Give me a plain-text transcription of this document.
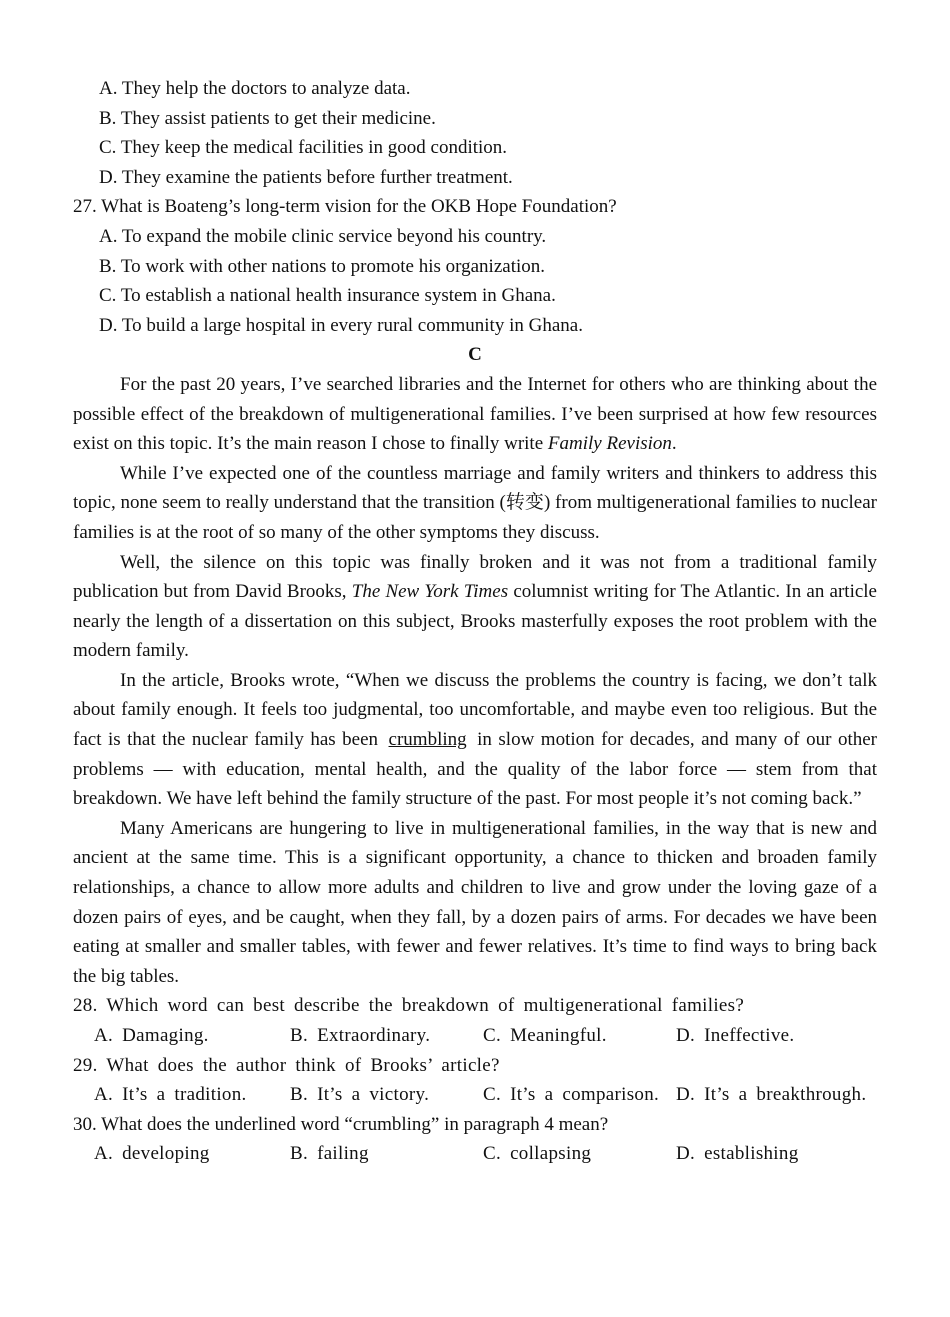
A. They help the doctors to analyze data.
B. They assist patients to get their medicine.
C. They keep the medical facilities in good condition.
D. They examine the patients before further treatment.
27. What is Boateng’s long-term vision for the OKB Hope Foundation?
A. To expand the mobile clinic service beyond his country.
B. To work with other nations to promote his organization.
C. To establish a national health insurance system in Ghana.
D. To build a large hospital in every rural community in Ghana.
C

For the past 20 years, I’ve searched libraries and the Internet for others who are thinking about the possible effect of the breakdown of multigenerational families. I’ve been surprised at how few resources exist on this topic. It’s the main reason I chose to finally write Family Revision.

While I’ve expected one of the countless marriage and family writers and thinkers to address this topic, none seem to really understand that the transition (转变) from multigenerational families to nuclear families is at the root of so many of the other symptoms they discuss.

Well, the silence on this topic was finally broken and it was not from a traditional family publication but from David Brooks, The New York Times columnist writing for The Atlantic. In an article nearly the length of a dissertation on this subject, Brooks masterfully exposes the root problem with the modern family.

In the article, Brooks wrote, “When we discuss the problems the country is facing, we don’t talk about family enough. It feels too judgmental, too uncomfortable, and maybe even too religious. But the fact is that the nuclear family has been crumbling in slow motion for decades, and many of our other problems — with education, mental health, and the quality of the labor force — stem from that breakdown. We have left behind the family structure of the past. For most people it’s not coming back.”

Many Americans are hungering to live in multigenerational families, in the way that is new and ancient at the same time. This is a significant opportunity, a chance to thicken and broaden family relationships, a chance to allow more adults and children to live and grow under the loving gaze of a dozen pairs of eyes, and be caught, when they fall, by a dozen pairs of arms. For decades we have been eating at smaller and smaller tables, with fewer and fewer relatives. It’s time to find ways to bring back the big tables.

28. Which word can best describe the breakdown of multigenerational families?
A. Damaging.	B. Extraordinary.	C. Meaningful.	D. Ineffective.
29. What does the author think of Brooks’ article?
A. It’s a tradition.	B. It’s a victory.	C. It’s a comparison. D. It’s a breakthrough.
30. What does the underlined word “crumbling” in paragraph 4 mean?
A. developing	B. failing	C. collapsing	D. establishing
